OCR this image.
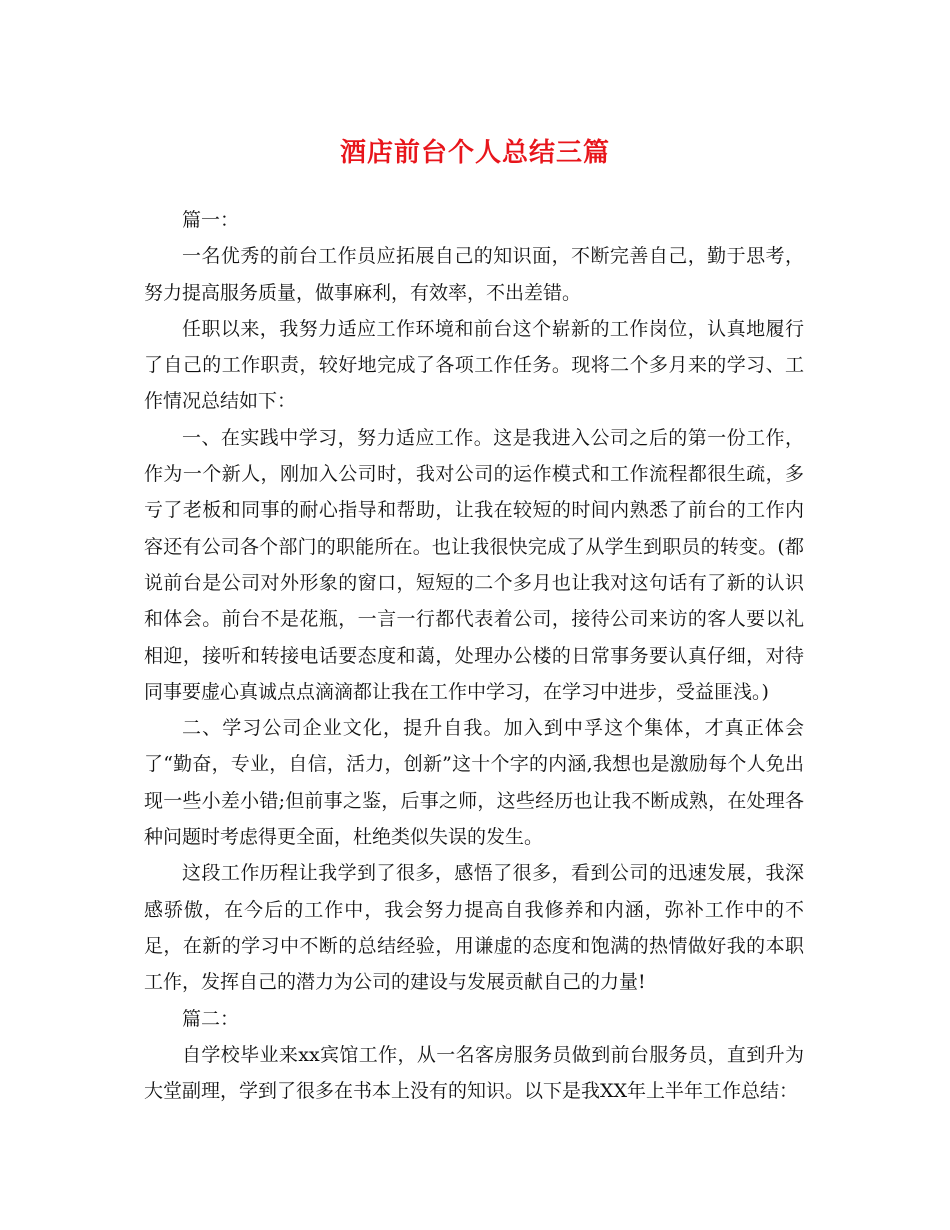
酒店前台个人总结三篇

篇一：

一名优秀的前台工作员应拓展自己的知识面，不断完善自己，勤于思考，努力提高服务质量，做事麻利，有效率，不出差错。

任职以来，我努力适应工作环境和前台这个崭新的工作岗位，认真地履行了自己的工作职责，较好地完成了各项工作任务。现将二个多月来的学习、工作情况总结如下：

一、在实践中学习，努力适应工作。这是我进入公司之后的第一份工作，作为一个新人，刚加入公司时，我对公司的运作模式和工作流程都很生疏，多亏了老板和同事的耐心指导和帮助，让我在较短的时间内熟悉了前台的工作内容还有公司各个部门的职能所在。也让我很快完成了从学生到职员的转变。(都说前台是公司对外形象的窗口，短短的二个多月也让我对这句话有了新的认识和体会。前台不是花瓶，一言一行都代表着公司，接待公司来访的客人要以礼相迎，接听和转接电话要态度和蔼，处理办公楼的日常事务要认真仔细，对待同事要虚心真诚点点滴滴都让我在工作中学习，在学习中进步，受益匪浅。)

二、学习公司企业文化，提升自我。加入到中孚这个集体，才真正体会了“勤奋，专业，自信，活力，创新”这十个字的内涵,我想也是激励每个人免出现一些小差小错;但前事之鉴，后事之师，这些经历也让我不断成熟，在处理各种问题时考虑得更全面，杜绝类似失误的发生。

这段工作历程让我学到了很多，感悟了很多，看到公司的迅速发展，我深感骄傲，在今后的工作中，我会努力提高自我修养和内涵，弥补工作中的不足，在新的学习中不断的总结经验，用谦虚的态度和饱满的热情做好我的本职工作，发挥自己的潜力为公司的建设与发展贡献自己的力量!

篇二：

自学校毕业来xx宾馆工作，从一名客房服务员做到前台服务员，直到升为大堂副理，学到了很多在书本上没有的知识。以下是我XX年上半年工作总结：
